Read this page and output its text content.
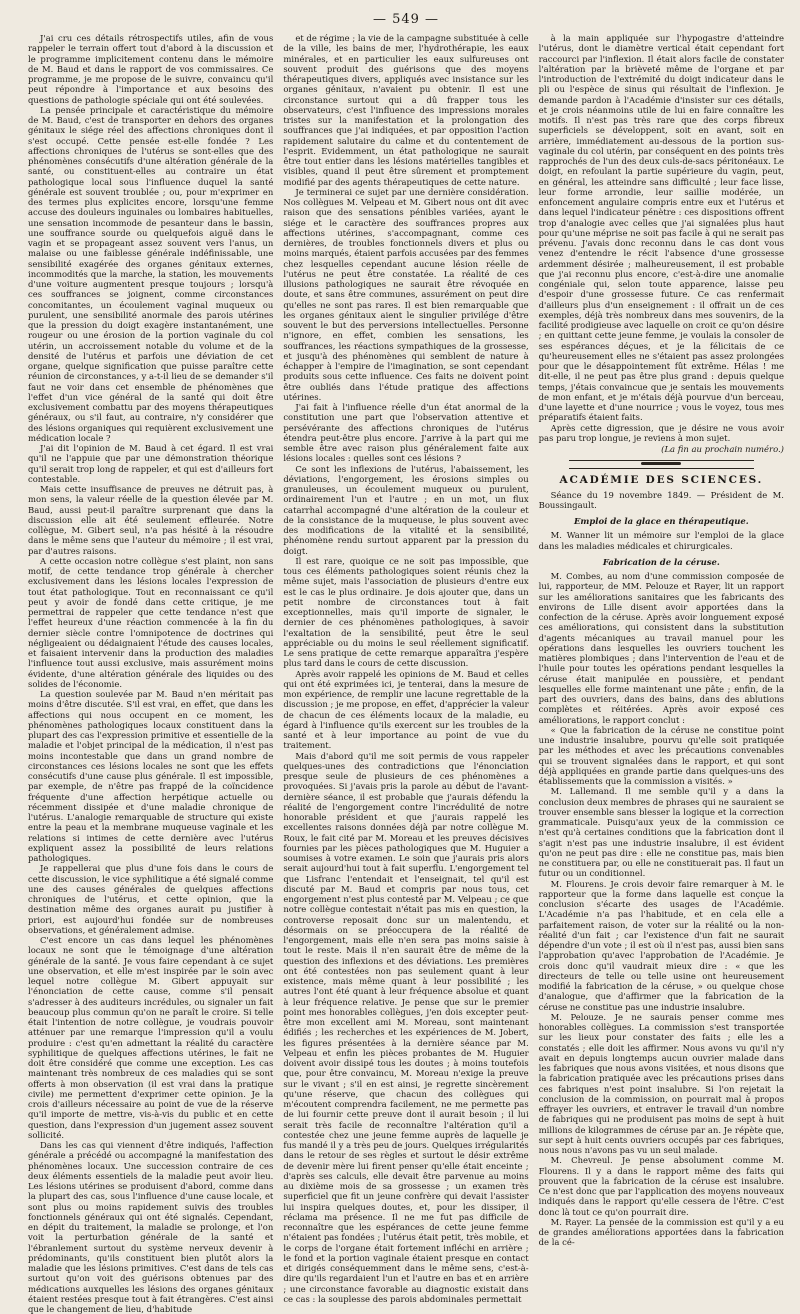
— 549 —

J'ai cru ces détails rétrospectifs utiles, afin de vous rappeler le terrain offert tout d'abord à la discussion et le programme implicitement contenu dans le mémoire de M. Baud et dans le rapport de vos commissaires. Ce programme, je me propose de le suivre, convaincu qu'il peut répondre à l'importance et aux besoins des questions de pathologie spéciale qui ont été soulevées.

La pensée principale et caractéristique du mémoire de M. Baud, c'est de transporter en dehors des organes génitaux le siége réel des affections chroniques dont il s'est occupé. Cette pensée est-elle fondée ? Les affections chroniques de l'utérus se sont-elles que des phénomènes consécutifs d'une altération générale de la santé, ou constituent-elles au contraire un état pathologique local sous l'influence duquel la santé générale est souvent troublée ; ou, pour m'exprimer en des termes plus explicites encore, lorsqu'une femme accuse des douleurs inguinales ou lombaires habituelles, une sensation incommode de pesanteur dans le bassin, une souffrance sourde ou quelquefois aiguë dans le vagin et se propageant assez souvent vers l'anus, un malaise ou une faiblesse générale indéfinissable, une sensibilité exagérée des organes génitaux externes, incommodités que la marche, la station, les mouvements d'une voiture augmentent presque toujours ; lorsqu'à ces souffrances se joignent, comme circonstances concomitantes, un écoulement vaginal muqueux ou purulent, une sensibilité anormale des parois utérines que la pression du doigt exagère instantanément, une rougeur ou une érosion de la portion vaginale du col utérin, un accroissement notable du volume et de la densité de l'utérus et parfois une déviation de cet organe, quelque signification que puisse paraître cette réunion de circonstances, y a-t-il lieu de se demander s'il faut ne voir dans cet ensemble de phénomènes que l'effet d'un vice général de la santé qui doit être exclusivement combattu par des moyens thérapeutiques généraux, ou s'il faut, au contraire, n'y considérer que des lésions organiques qui requièrent exclusivement une médication locale ?

J'ai dit l'opinion de M. Baud à cet égard. Il est vrai qu'il ne l'appuie que par une démonstration théorique qu'il serait trop long de rappeler, et qui est d'ailleurs fort contestable.

Mais cette insuffisance de preuves ne détruit pas, à mon sens, la valeur réelle de la question élevée par M. Baud, aussi peut-il paraître surprenant que dans la discussion elle ait été seulement effleurée. Notre collègue, M. Gibert seul, n'a pas hésité à la résoudre dans le même sens que l'auteur du mémoire ; il est vrai, par d'autres raisons.

A cette occasion notre collègue s'est plaint, non sans motif, de cette tendance trop générale à chercher exclusivement dans les lésions locales l'expression de tout état pathologique. Tout en reconnaissant ce qu'il peut y avoir de fondé dans cette critique, je me permettrai de rappeler que cette tendance n'est que l'effet heureux d'une réaction commencée à la fin du dernier siècle contre l'omnipotence de doctrines qui négligeaient ou dédaignaient l'étude des causes locales, et faisaient intervenir dans la production des maladies l'influence tout aussi exclusive, mais assurément moins évidente, d'une altération générale des liquides ou des solides de l'économie.

La question soulevée par M. Baud n'en méritait pas moins d'être discutée. S'il est vrai, en effet, que dans les affections qui nous occupent en ce moment, les phénomènes pathologiques locaux constituent dans la plupart des cas l'expression primitive et essentielle de la maladie et l'objet principal de la médication, il n'est pas moins incontestable que dans un grand nombre de circonstances ces lésions locales ne sont que les effets consécutifs d'une cause plus générale. Il est impossible, par exemple, de n'être pas frappé de la coïncidence fréquente d'une affection herpétique actuelle ou récemment dissipée et d'une maladie chronique de l'utérus. L'analogie remarquable de structure qui existe entre la peau et la membrane muqueuse vaginale et les relations si intimes de cette dernière avec l'utérus expliquent assez la possibilité de leurs relations pathologiques.

Je rappellerai que plus d'une fois dans le cours de cette discussion, le vice syphilitique a été signalé comme une des causes générales de quelques affections chroniques de l'utérus, et cette opinion, que la destination même des organes aurait pu justifier à priori, est aujourd'hui fondée sur de nombreuses observations, et généralement admise.

C'est encore un cas dans lequel les phénomènes locaux ne sont que le témoignage d'une altération générale de la santé. Je vous faire cependant à ce sujet une observation, et elle m'est inspirée par le soin avec lequel notre collègue M. Gibert appuyait sur l'énonciation de cette cause, comme s'il pensait s'adresser à des auditeurs incrédules, ou signaler un fait beaucoup plus commun qu'on ne paraît le croire. Si telle était l'intention de notre collègue, je voudrais pouvoir atténuer par une remarque l'impression qu'il a voulu produire : c'est qu'en admettant la réalité du caractère syphilitique de quelques affections utérines, le fait ne doit être considéré que comme une exception. Les cas maintenant très nombreux de ces maladies qui se sont offerts à mon observation (il est vrai dans la pratique civile) me permettent d'exprimer cette opinion. Je la crois d'ailleurs nécessaire au point de vue de la réserve qu'il importe de mettre, vis-à-vis du public et en cette question, dans l'expression d'un jugement assez souvent sollicité.

Dans les cas qui viennent d'être indiqués, l'affection générale a précédé ou accompagné la manifestation des phénomènes locaux. Une succession contraire de ces deux éléments essentiels de la maladie peut avoir lieu. Les lésions utérines se produisent d'abord, comme dans la plupart des cas, sous l'influence d'une cause locale, et sont plus ou moins rapidement suivis des troubles fonctionnels généraux qui ont été signalés. Cependant, en dépit du traitement, la maladie se prolonge, et l'on voit la perturbation générale de la santé et l'ébranlement surtout du système nerveux devenir à prédominants, qu'ils constituent bien plutôt alors la maladie que les lésions primitives. C'est dans de tels cas surtout qu'on voit des guérisons obtenues par des médications auxquelles les lésions des organes génitaux étaient restées presque tout à fait étrangères. C'est ainsi que le changement de lieu, d'habitude

et de régime ; la vie de la campagne substituée à celle de la ville, les bains de mer, l'hydrothérapie, les eaux minérales, et en particulier les eaux sulfureuses ont souvent produit des guérisons que des moyens thérapeutiques divers, appliqués avec insistance sur les organes génitaux, n'avaient pu obtenir. Il est une circonstance surtout qui a dû frapper tous les observateurs, c'est l'influence des impressions morales tristes sur la manifestation et la prolongation des souffrances que j'ai indiquées, et par opposition l'action rapidement salutaire du calme et du contentement de l'esprit. Evidemment, un état pathologique ne saurait être tout entier dans les lésions matérielles tangibles et visibles, quand il peut être sûrement et promptement modifié par des agents thérapeutiques de cette nature.

Je terminerai ce sujet par une dernière considération. Nos collègues M. Velpeau et M. Gibert nous ont dit avec raison que des sensations pénibles variées, ayant le siége et le caractère des souffrances propres aux affections utérines, s'accompagnant, comme ces dernières, de troubles fonctionnels divers et plus ou moins marqués, étaient parfois accusées par des femmes chez lesquelles cependant aucune lésion réelle de l'utérus ne peut être constatée. La réalité de ces illusions pathologiques ne saurait être révoquée en doute, et sans être communes, assurément on peut dire qu'elles ne sont pas rares. Il est bien remarquable que les organes génitaux aient le singulier privilége d'être souvent le but des perversions intellectuelles. Personne n'ignore, en effet, combien les sensations, les souffrances, les réactions sympathiques de la grossesse, et jusqu'à des phénomènes qui semblent de nature à échapper à l'empire de l'imagination, se sont cependant produits sous cette influence. Ces faits ne doivent point être oubliés dans l'étude pratique des affections utérines.

J'ai fait à l'influence réelle d'un état anormal de la constitution une part que l'observation attentive et persévérante des affections chroniques de l'utérus étendra peut-être plus encore. J'arrive à la part qui me semble être avec raison plus généralement faite aux lésions locales : quelles sont ces lésions ?

Ce sont les inflexions de l'utérus, l'abaissement, les déviations, l'engorgement, les érosions simples ou granuleuses, un écoulement muqueux ou purulent, ordinairement l'un et l'autre ; en un mot, un flux catarrhal accompagné d'une altération de la couleur et de la consistance de la muqueuse, le plus souvent avec des modifications de la vitalité et la sensibilité, phénomène rendu surtout apparent par la pression du doigt.

Il est rare, quoique ce ne soit pas impossible, que tous ces éléments pathologiques soient réunis chez la même sujet, mais l'association de plusieurs d'entre eux est le cas le plus ordinaire. Je dois ajouter que, dans un petit nombre de circonstances tout à fait exceptionnelles, mais qu'il importe de signaler, le dernier de ces phénomènes pathologiques, à savoir l'exaltation de la sensibilité, peut être le seul appréciable ou du moins le seul réellement significatif. Le sens pratique de cette remarque apparaîtra j'espère plus tard dans le cours de cette discussion.

Après avoir rappelé les opinions de M. Baud et celles qui ont été exprimées ici, je tenterai, dans la mesure de mon expérience, de remplir une lacune regrettable de la discussion ; je me propose, en effet, d'apprécier la valeur de chacun de ces éléments locaux de la maladie, eu égard à l'influence qu'ils exercent sur les troubles de la santé et à leur importance au point de vue du traitement.

Mais d'abord qu'il me soit permis de vous rappeler quelques-unes des contradictions que l'énonciation presque seule de plusieurs de ces phénomènes a provoquées. Si j'avais pris la parole au début de l'avant-dernière séance, il est probable que j'aurais défendu la réalité de l'engorgement contre l'incrédulité de notre honorable président et que j'aurais rappelé les excellentes raisons données déjà par notre collègue M. Roux, le fait cité par M. Moreau et les preuves décisives fournies par les pièces pathologiques que M. Huguier a soumises à votre examen. Le soin que j'aurais pris alors serait aujourd'hui tout à fait superflu. L'engorgement tel que Lisfranc l'entendait et l'enseignait, tel qu'il est discuté par M. Baud et compris par nous tous, cet engorgement n'est plus contesté par M. Velpeau ; ce que notre collègue contestait n'était pas mis en question, la controverse reposait donc sur un malentendu, et désormais on se préoccupera de la réalité de l'engorgement, mais elle n'en sera pas moins saisie à tout le reste. Mais il n'en saurait être de même de la question des inflexions et des déviations. Les premières ont été contestées non pas seulement quant à leur existence, mais même quant à leur possibilité ; les autres l'ont été quant à leur fréquence absolue et quant à leur fréquence relative. Je pense que sur le premier point mes honorables collègues, j'en dois excepter peut-être mon excellent ami M. Moreau, sont maintenant édifiés ; les recherches et les expériences de M. Jobert, les figures présentées à la dernière séance par M. Velpeau et enfin les pièces probantes de M. Huguier doivent avoir dissipé tous les doutes ; à moins toutefois que, pour être convaincu, M. Moreau n'exige la preuve sur le vivant ; s'il en est ainsi, je regrette sincèrement qu'une réserve, que chacun des collègues qui m'écoutent comprendra facilement, ne me permette pas de lui fournir cette preuve dont il aurait besoin ; il lui serait très facile de reconnaître l'altération qu'il a contestée chez une jeune femme auprès de laquelle je fus mandé il y a très peu de jours. Quelques irrégularités dans le retour de ses règles et surtout le désir extrême de devenir mère lui firent penser qu'elle était enceinte ; d'après ses calculs, elle devait être parvenue au moins au dixième mois de sa grossesse ; un examen très superficiel que fit un jeune confrère qui devait l'assister lui inspira quelques doutes, et, pour les dissiper, il réclama ma présence. Il ne me fut pas difficile de reconnaître que les espérances de cette jeune femme n'étaient pas fondées ; l'utérus était petit, très mobile, et le corps de l'organe était fortement infléchi en arrière ; le fond et la portion vaginale étaient presque en contact et dirigés conséquemment dans le même sens, c'est-à-dire qu'ils regardaient l'un et l'autre en bas et en arrière ; une circonstance favorable au diagnostic existait dans ce cas : la souplesse des parois abdominales permettait

à la main appliquée sur l'hypogastre d'atteindre l'utérus, dont le diamètre vertical était cependant fort raccourci par l'inflexion. Il était alors facile de constater l'altération par la brièveté même de l'organe et par l'introduction de l'extrémité du doigt indicateur dans le pli ou l'espèce de sinus qui résultait de l'inflexion. Je demande pardon à l'Académie d'insister sur ces détails, et je crois néanmoins utile de lui en faire connaître les motifs. Il n'est pas très rare que des corps fibreux superficiels se développent, soit en avant, soit en arrière, immédiatement au-dessous de la portion sus-vaginale du col utérin, par conséquent en des points très rapprochés de l'un des deux culs-de-sacs péritonéaux. Le doigt, en refoulant la partie supérieure du vagin, peut, en général, les atteindre sans difficulté ; leur face lisse, leur forme arrondie, leur saillie modérée, un enfoncement angulaire compris entre eux et l'utérus et dans lequel l'indicateur pénètre : ces dispositions offrent trop d'analogie avec celles que j'ai signalées plus haut pour qu'une méprise ne soit pas facile à qui ne serait pas prévenu. J'avais donc reconnu dans le cas dont vous venez d'entendre le récit l'absence d'une grossesse ardemment désirée ; malheureusement, il est probable que j'ai reconnu plus encore, c'est-à-dire une anomalie congéniale qui, selon toute apparence, laisse peu d'espoir d'une grossesse future. Ce cas renfermait d'ailleurs plus d'un enseignement : il offrait un de ces exemples, déjà très nombreux dans mes souvenirs, de la facilité prodigieuse avec laquelle on croit ce qu'on désire ; en quittant cette jeune femme, je voulais la consoler de ses espérances déçues, et je la félicitais de ce qu'heureusement elles ne s'étaient pas assez prolongées pour que le désappointement fût extrême. Hélas ! me dit-elle, il ne peut pas être plus grand : depuis quelque temps, j'étais convaincue que je sentais les mouvements de mon enfant, et je m'étais déjà pourvue d'un berceau, d'une layette et d'une nourrice ; vous le voyez, tous mes préparatifs étaient faits.

Après cette digression, que je désire ne vous avoir pas paru trop longue, je reviens à mon sujet.

(La fin au prochain numéro.)
ACADÉMIE DES SCIENCES.

Séance du 19 novembre 1849. — Président de M. Boussingault.

Emploi de la glace en thérapeutique.

M. Wanner lit un mémoire sur l'emploi de la glace dans les maladies médicales et chirurgicales.

Fabrication de la céruse.

M. Combes, au nom d'une commission composée de lui, rapporteur, de MM. Pelouze et Rayer, lit un rapport sur les améliorations sanitaires que les fabricants des environs de Lille disent avoir apportées dans la confection de la céruse. Après avoir longuement exposé ces améliorations, qui consistent dans la substitution d'agents mécaniques au travail manuel pour les opérations dans lesquelles les ouvriers touchent les matières plombiques ; dans l'intervention de l'eau et de l'huile pour toutes les opérations pendant lesquelles la céruse était manipulée en poussière, et pendant lesquelles elle forme maintenant une pâte ; enfin, de la part des ouvriers, dans des bains, dans des ablutions complètes et réitérées. Après avoir exposé ces améliorations, le rapport conclut :

« Que la fabrication de la céruse ne constitue point une industrie insalubre, pourvu qu'elle soit pratiquée par les méthodes et avec les précautions convenables qui se trouvent signalées dans le rapport, et qui sont déjà appliquées en grande partie dans quelques-uns des établissements que la commission a visités. »

M. Lallemand. Il me semble qu'il y a dans la conclusion deux membres de phrases qui ne sauraient se trouver ensemble sans blesser la logique et la correction grammaticale. Puisqu'aux yeux de la commission ce n'est qu'à certaines conditions que la fabrication dont il s'agit n'est pas une industrie insalubre, il est évident qu'on ne peut pas dire : elle ne constitue pas, mais bien ne constituera par, ou elle ne constituerait pas. Il faut un futur ou un conditionnel.

M. Flourens. Je crois devoir faire remarquer à M. le rapporteur que la forme dans laquelle est conçue la conclusion s'écarte des usages de l'Académie. L'Académie n'a pas l'habitude, et en cela elle a parfaitement raison, de voter sur la réalité ou la non-réalité d'un fait ; car l'existence d'un fait ne saurait dépendre d'un vote ; il est où il n'est pas, aussi bien sans l'approbation qu'avec l'approbation de l'Académie. Je crois donc qu'il vaudrait mieux dire : « que les directeurs de telle ou telle usine ont heureusement modifié la fabrication de la céruse, » ou quelque chose d'analogue, que d'affirmer que la fabrication de la céruse ne constitue pas une industrie insalubre.

M. Pelouze. Je ne saurais penser comme mes honorables collègues. La commission s'est transportée sur les lieux pour constater des faits ; elle les a constatés ; elle doit les affirmer. Nous avons vu qu'il n'y avait en depuis longtemps aucun ouvrier malade dans les fabriques que nous avons visitées, et nous disons que la fabrication pratiquée avec les précautions prises dans ces fabriques n'est point insalubre. Si l'on rejetait la conclusion de la commission, on pourrait mal à propos effrayer les ouvriers, et entraver le travail d'un nombre de fabriques qui ne produisent pas moins de sept à huit millions de kilogrammes de céruse par an. Je répète que, sur sept à huit cents ouvriers occupés par ces fabriques, nous nous n'avons pas vu un seul malade.

M. Chevreul. Je pense absolument comme M. Flourens. Il y a dans le rapport même des faits qui prouvent que la fabrication de la céruse est insalubre. Ce n'est donc que par l'application des moyens nouveaux indiqués dans le rapport qu'elle cessera de l'être. C'est donc là tout ce qu'on pourrait dire.

M. Rayer. La pensée de la commission est qu'il y a eu de grandes améliorations apportées dans la fabrication de la cé-
